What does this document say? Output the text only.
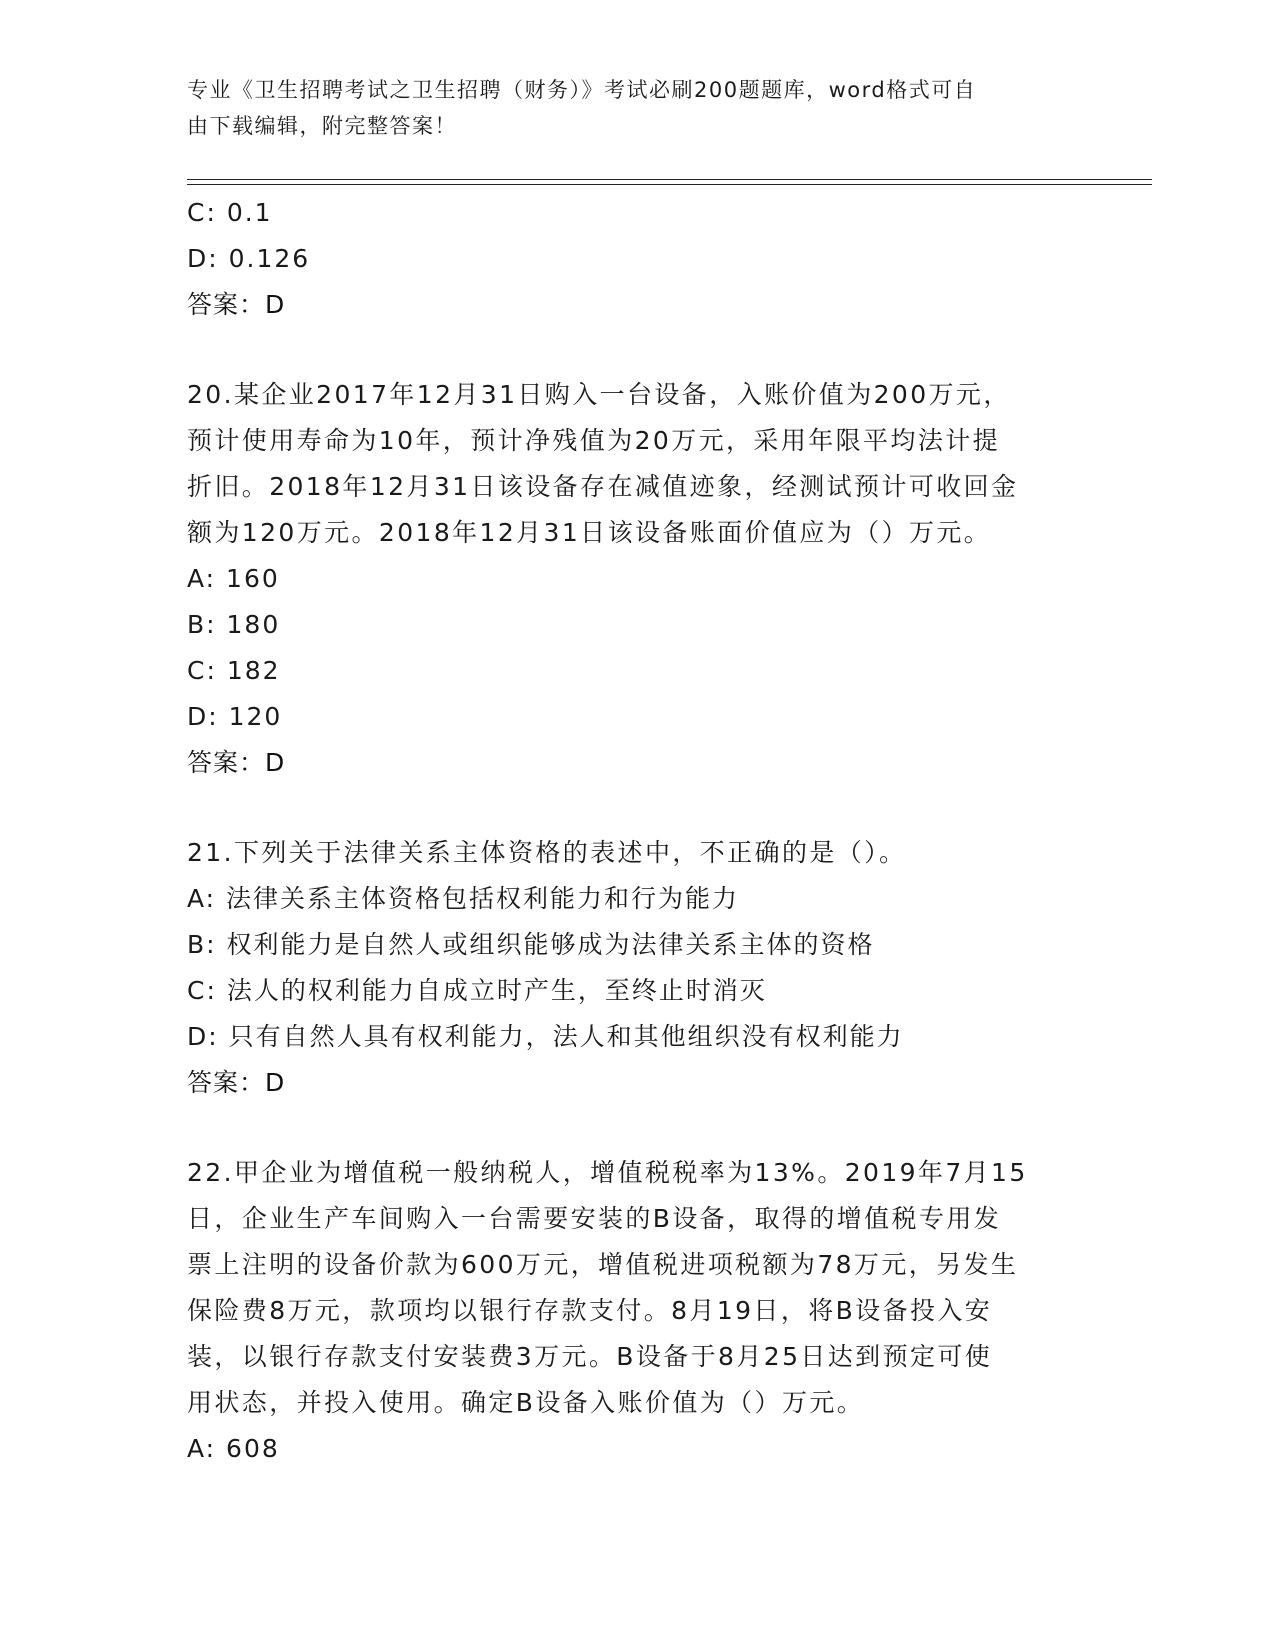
专业《卫生招聘考试之卫生招聘（财务）》考试必刷200题题库，word格式可自
由下载编辑，附完整答案！
C: 0.1
D: 0.126
答案：D
20.某企业2017年12月31日购入一台设备，入账价值为200万元，
预计使用寿命为10年，预计净残值为20万元，采用年限平均法计提
折旧。2018年12月31日该设备存在减值迹象，经测试预计可收回金
额为120万元。2018年12月31日该设备账面价值应为（）万元。
A: 160
B: 180
C: 182
D: 120
答案：D
21.下列关于法律关系主体资格的表述中，不正确的是（）。
A: 法律关系主体资格包括权利能力和行为能力
B: 权利能力是自然人或组织能够成为法律关系主体的资格
C: 法人的权利能力自成立时产生，至终止时消灭
D: 只有自然人具有权利能力，法人和其他组织没有权利能力
答案：D
22.甲企业为增值税一般纳税人，增值税税率为13%。2019年7月15
日，企业生产车间购入一台需要安装的B设备，取得的增值税专用发
票上注明的设备价款为600万元，增值税进项税额为78万元，另发生
保险费8万元，款项均以银行存款支付。8月19日，将B设备投入安
装，以银行存款支付安装费3万元。B设备于8月25日达到预定可使
用状态，并投入使用。确定B设备入账价值为（）万元。
A: 608
